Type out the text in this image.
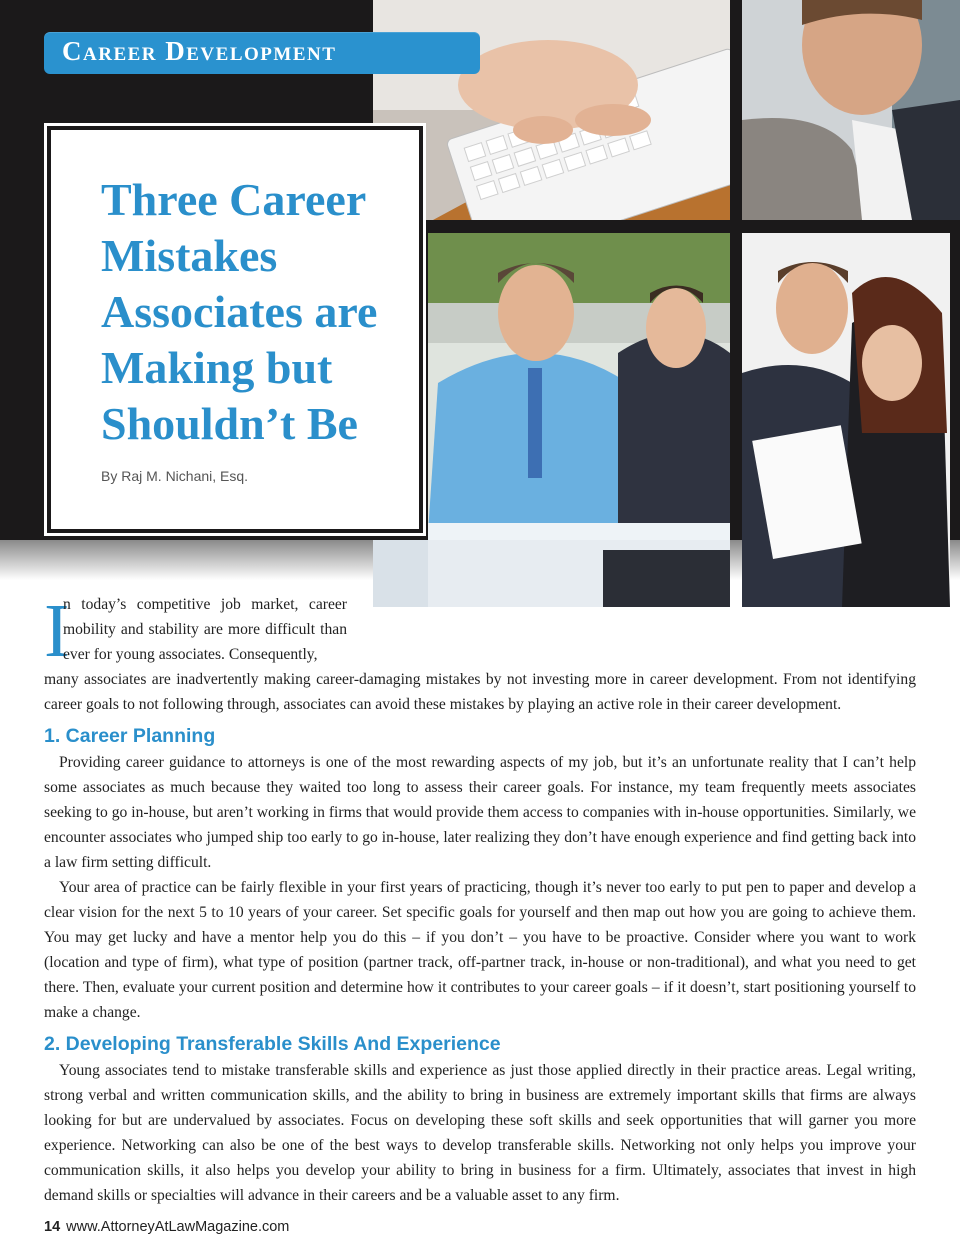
Career Development
Three Career Mistakes Associates are Making but Shouldn’t Be
By Raj M. Nichani, Esq.
I

n today’s competitive job market, career mobility and stability are more difficult than ever for young associates. Consequently,

many associates are inadvertently making career-damaging mistakes by not investing more in career development. From not identifying career goals to not following through, associates can avoid these mistakes by playing an active role in their career development.

1. Career Planning

Providing career guidance to attorneys is one of the most rewarding aspects of my job, but it’s an unfortunate reality that I can’t help some associates as much because they waited too long to assess their career goals. For instance, my team frequently meets associates seeking to go in-house, but aren’t working in firms that would provide them access to companies with in-house opportunities. Similarly, we encounter associates who jumped ship too early to go in-house, later realizing they don’t have enough experience and find getting back into a law firm setting difficult.

Your area of practice can be fairly flexible in your first years of practicing, though it’s never too early to put pen to paper and develop a clear vision for the next 5 to 10 years of your career. Set specific goals for yourself and then map out how you are going to achieve them. You may get lucky and have a mentor help you do this – if you don’t – you have to be proactive. Consider where you want to work (location and type of firm), what type of position (partner track, off-partner track, in-house or non-traditional), and what you need to get there. Then, evaluate your current position and determine how it contributes to your career goals – if it doesn’t, start positioning yourself to make a change.

2. Developing Transferable Skills And Experience

Young associates tend to mistake transferable skills and experience as just those applied directly in their practice areas. Legal writing, strong verbal and written communication skills, and the ability to bring in business are extremely important skills that firms are always looking for but are undervalued by associates. Focus on developing these soft skills and seek opportunities that will garner you more experience. Networking can also be one of the best ways to develop transferable skills. Networking not only helps you improve your communication skills, it also helps you develop your ability to bring in business for a firm. Ultimately, associates that invest in high demand skills or specialties will advance in their careers and be a valuable asset to any firm.

14 www.AttorneyAtLawMagazine.com
